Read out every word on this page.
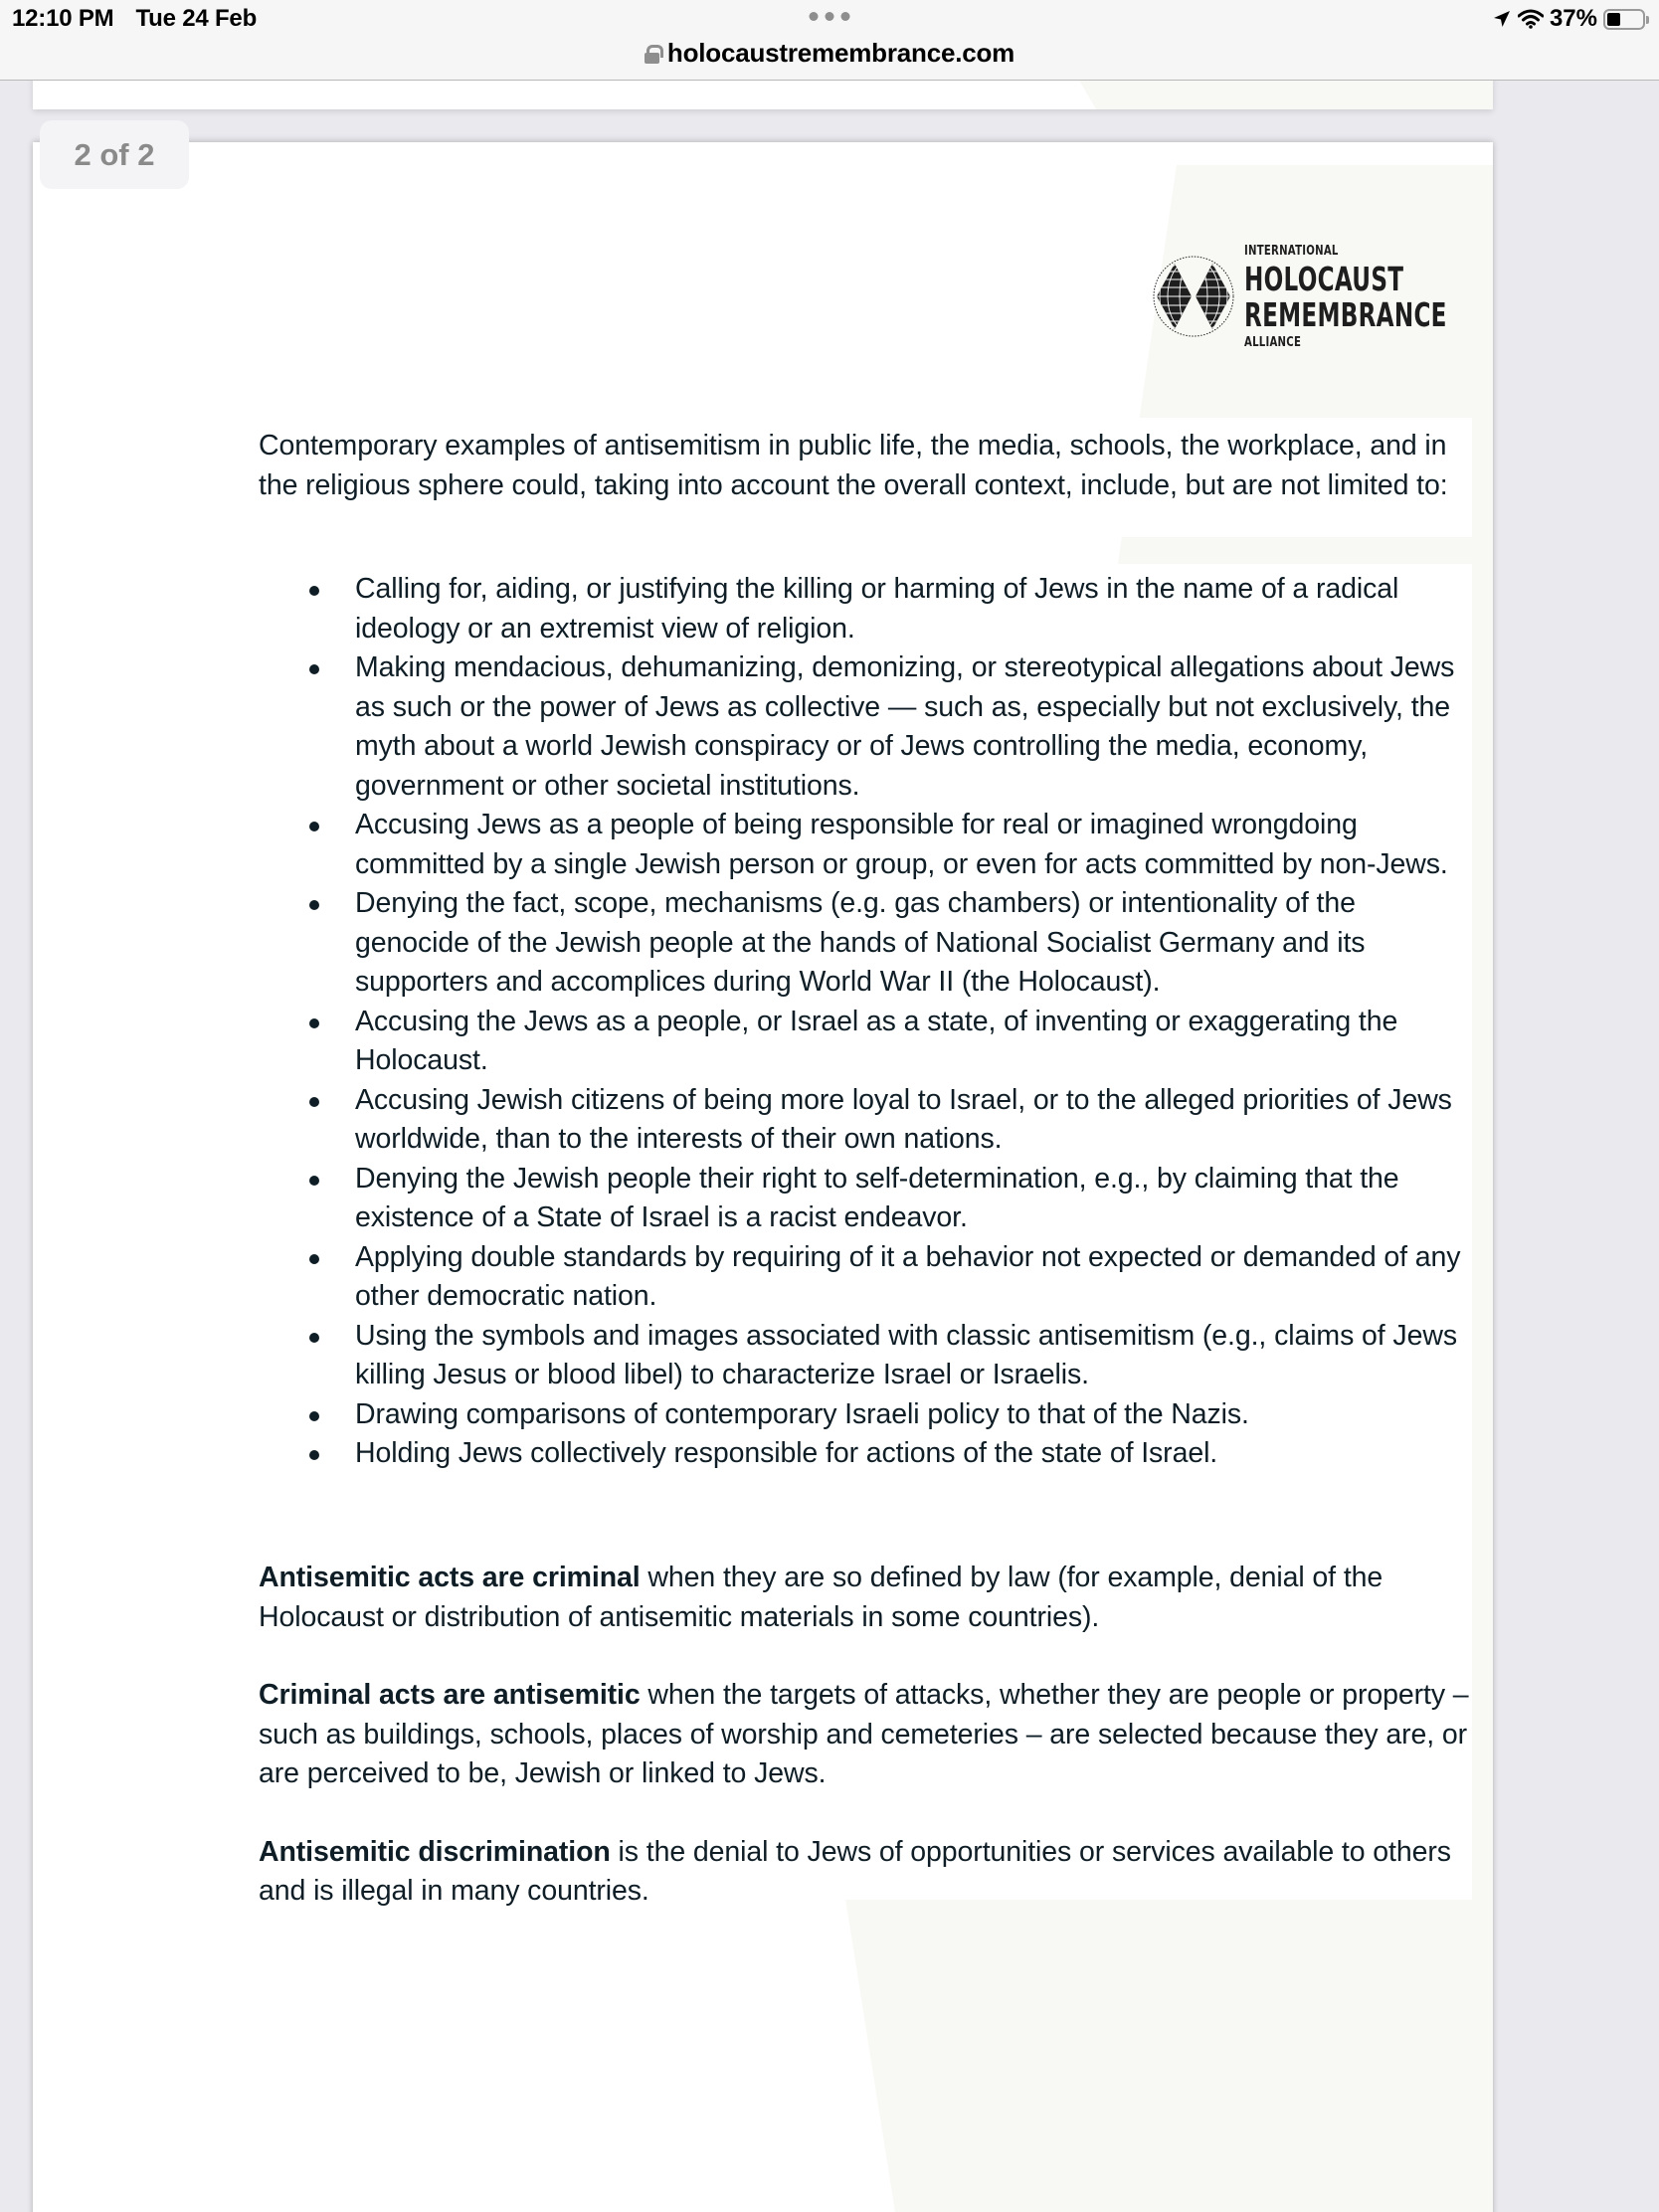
12:10 PM Tue 24 Feb	37%
holocaustremembrance.com
INTERNATIONAL
HOLOCAUST
REMEMBRANCE
ALLIANCE

Contemporary examples of antisemitism in public life, the media, schools, the workplace, and in the religious sphere could, taking into account the overall context, include, but are not limited to:

Calling for, aiding, or justifying the killing or harming of Jews in the name of a radical ideology or an extremist view of religion.
Making mendacious, dehumanizing, demonizing, or stereotypical allegations about Jews as such or the power of Jews as collective — such as, especially but not exclusively, the myth about a world Jewish conspiracy or of Jews controlling the media, economy, government or other societal institutions.
Accusing Jews as a people of being responsible for real or imagined wrongdoing committed by a single Jewish person or group, or even for acts committed by non-Jews.
Denying the fact, scope, mechanisms (e.g. gas chambers) or intentionality of the genocide of the Jewish people at the hands of National Socialist Germany and its supporters and accomplices during World War II (the Holocaust).
Accusing the Jews as a people, or Israel as a state, of inventing or exaggerating the Holocaust.
Accusing Jewish citizens of being more loyal to Israel, or to the alleged priorities of Jews worldwide, than to the interests of their own nations.
Denying the Jewish people their right to self-determination, e.g., by claiming that the existence of a State of Israel is a racist endeavor.
Applying double standards by requiring of it a behavior not expected or demanded of any other democratic nation.
Using the symbols and images associated with classic antisemitism (e.g., claims of Jews killing Jesus or blood libel) to characterize Israel or Israelis.
Drawing comparisons of contemporary Israeli policy to that of the Nazis.
Holding Jews collectively responsible for actions of the state of Israel.

Antisemitic acts are criminal when they are so defined by law (for example, denial of the Holocaust or distribution of antisemitic materials in some countries).

Criminal acts are antisemitic when the targets of attacks, whether they are people or property – such as buildings, schools, places of worship and cemeteries – are selected because they are, or are perceived to be, Jewish or linked to Jews.

Antisemitic discrimination is the denial to Jews of opportunities or services available to others and is illegal in many countries.

2 of 2
